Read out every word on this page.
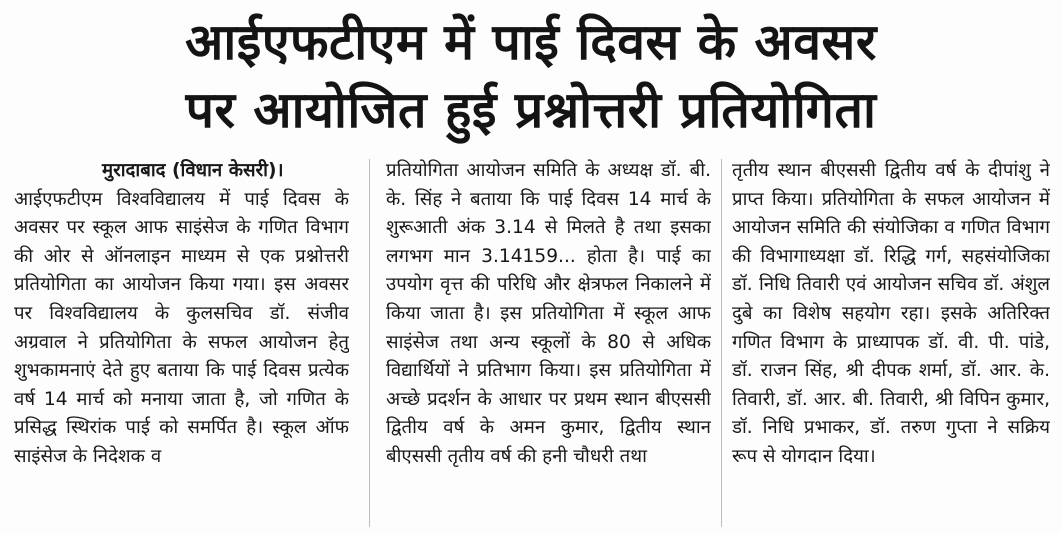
आईएफटीएम में पाई दिवस के अवसर
पर आयोजित हुई प्रश्नोत्तरी प्रतियोगिता
मुरादाबाद (विधान केसरी)।

आईएफटीएम विश्वविद्यालय में पाई दिवस के अवसर पर स्कूल आफ साइंसेज के गणित विभाग की ओर से ऑनलाइन माध्यम से एक प्रश्नोत्तरी प्रतियोगिता का आयोजन किया गया। इस अवसर पर विश्वविद्यालय के कुलसचिव डॉ. संजीव अग्रवाल ने प्रतियोगिता के सफल आयोजन हेतु शुभकामनाएं देते हुए बताया कि पाई दिवस प्रत्येक वर्ष 14 मार्च को मनाया जाता है, जो गणित के प्रसिद्ध स्थिरांक पाई को समर्पित है। स्कूल ऑफ साइंसेज के निदेशक व

प्रतियोगिता आयोजन समिति के अध्यक्ष डॉ. बी. के. सिंह ने बताया कि पाई दिवस 14 मार्च के शुरूआती अंक 3.14 से मिलते है तथा इसका लगभग मान 3.14159... होता है। पाई का उपयोग वृत्त की परिधि और क्षेत्रफल निकालने में किया जाता है। इस प्रतियोगिता में स्कूल आफ साइंसेज तथा अन्य स्कूलों के 80 से अधिक विद्यार्थियों ने प्रतिभाग किया। इस प्रतियोगिता में अच्छे प्रदर्शन के आधार पर प्रथम स्थान बीएससी द्वितीय वर्ष के अमन कुमार, द्वितीय स्थान बीएससी तृतीय वर्ष की हनी चौधरी तथा

तृतीय स्थान बीएससी द्वितीय वर्ष के दीपांशु ने प्राप्त किया। प्रतियोगिता के सफल आयोजन में आयोजन समिति की संयोजिका व गणित विभाग की विभागाध्यक्षा डॉ. रिद्धि गर्ग, सहसंयोजिका डॉ. निधि तिवारी एवं आयोजन सचिव डॉ. अंशुल दुबे का विशेष सहयोग रहा। इसके अतिरिक्त गणित विभाग के प्राध्यापक डॉ. वी. पी. पांडे, डॉ. राजन सिंह, श्री दीपक शर्मा, डॉ. आर. के. तिवारी, डॉ. आर. बी. तिवारी, श्री विपिन कुमार, डॉ. निधि प्रभाकर, डॉ. तरुण गुप्ता ने सक्रिय रूप से योगदान दिया।
